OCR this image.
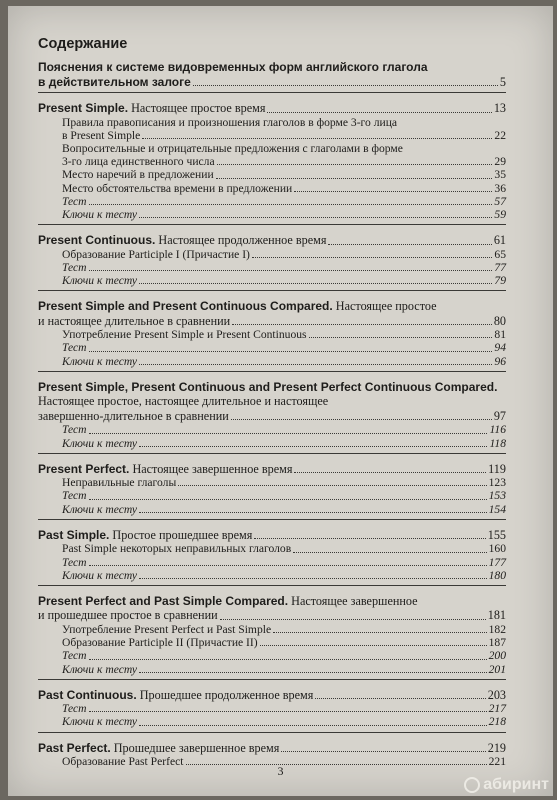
Содержание
Пояснения к системе видовременных форм английского глагола
в действительном залоге	5
Present Simple. Настоящее простое время	13
Правила правописания и произношения глаголов в форме 3-го лица
в Present Simple	22
Вопросительные и отрицательные предложения с глаголами в форме
3-го лица единственного числа	29
Место наречий в предложении	35
Место обстоятельства времени в предложении	36
Тест	57
Ключи к тесту	59
Present Continuous. Настоящее продолженное время	61
Образование Participle I (Причастие I)	65
Тест	77
Ключи к тесту	79
Present Simple and Present Continuous Compared. Настоящее простое
и настоящее длительное в сравнении	80
Употребление Present Simple и Present Continuous	81
Тест	94
Ключи к тесту	96
Present Simple, Present Continuous and Present Perfect Continuous Compared.
Настоящее простое, настоящее длительное и настоящее
завершенно-длительное в сравнении	97
Тест	116
Ключи к тесту	118
Present Perfect. Настоящее завершенное время	119
Неправильные глаголы	123
Тест	153
Ключи к тесту	154
Past Simple. Простое прошедшее время	155
Past Simple некоторых неправильных глаголов	160
Тест	177
Ключи к тесту	180
Present Perfect and Past Simple Compared. Настоящее завершенное
и прошедшее простое в сравнении	181
Употребление Present Perfect и Past Simple	182
Образование Participle II (Причастие II)	187
Тест	200
Ключи к тесту	201
Past Continuous. Прошедшее продолженное время	203
Тест	217
Ключи к тесту	218
Past Perfect. Прошедшее завершенное время	219
Образование Past Perfect	221
3
абиринт
